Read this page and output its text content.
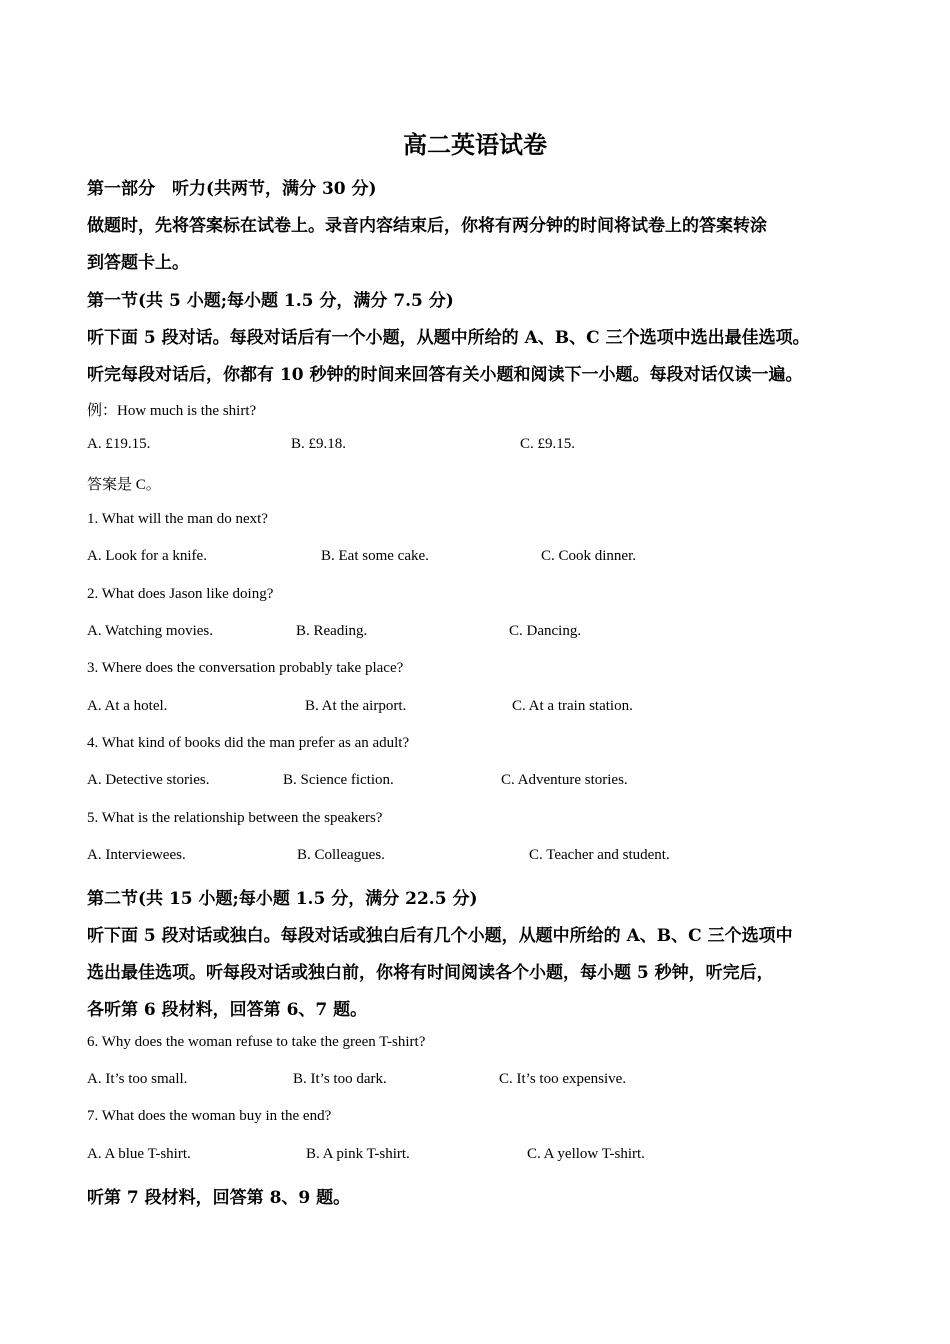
高二英语试卷
第一部分　听力(共两节，满分 30 分)
做题时，先将答案标在试卷上。录音内容结束后，你将有两分钟的时间将试卷上的答案转涂
到答题卡上。
第一节(共 5 小题;每小题 1.5 分，满分 7.5 分)
听下面 5 段对话。每段对话后有一个小题，从题中所给的 A、B、C 三个选项中选出最佳选项。
听完每段对话后，你都有 10 秒钟的时间来回答有关小题和阅读下一小题。每段对话仅读一遍。
例：How much is the shirt?
A. £19.15.	B. £9.18.	C. £9.15.
答案是 C。
1. What will the man do next?
A. Look for a knife.	B. Eat some cake.	C. Cook dinner.
2. What does Jason like doing?
A. Watching movies.	B. Reading.	C. Dancing.
3. Where does the conversation probably take place?
A. At a hotel.	B. At the airport.	C. At a train station.
4. What kind of books did the man prefer as an adult?
A. Detective stories.	B. Science fiction.	C. Adventure stories.
5. What is the relationship between the speakers?
A. Interviewees.	B. Colleagues.	C. Teacher and student.
第二节(共 15 小题;每小题 1.5 分，满分 22.5 分)
听下面 5 段对话或独白。每段对话或独白后有几个小题，从题中所给的 A、B、C 三个选项中
选出最佳选项。听每段对话或独白前，你将有时间阅读各个小题，每小题 5 秒钟，听完后，
各听第 6 段材料，回答第 6、7 题。
6. Why does the woman refuse to take the green T-shirt?
A. It’s too small.	B. It’s too dark.	C. It’s too expensive.
7. What does the woman buy in the end?
A. A blue T-shirt.	B. A pink T-shirt.	C. A yellow T-shirt.
听第 7 段材料，回答第 8、9 题。
